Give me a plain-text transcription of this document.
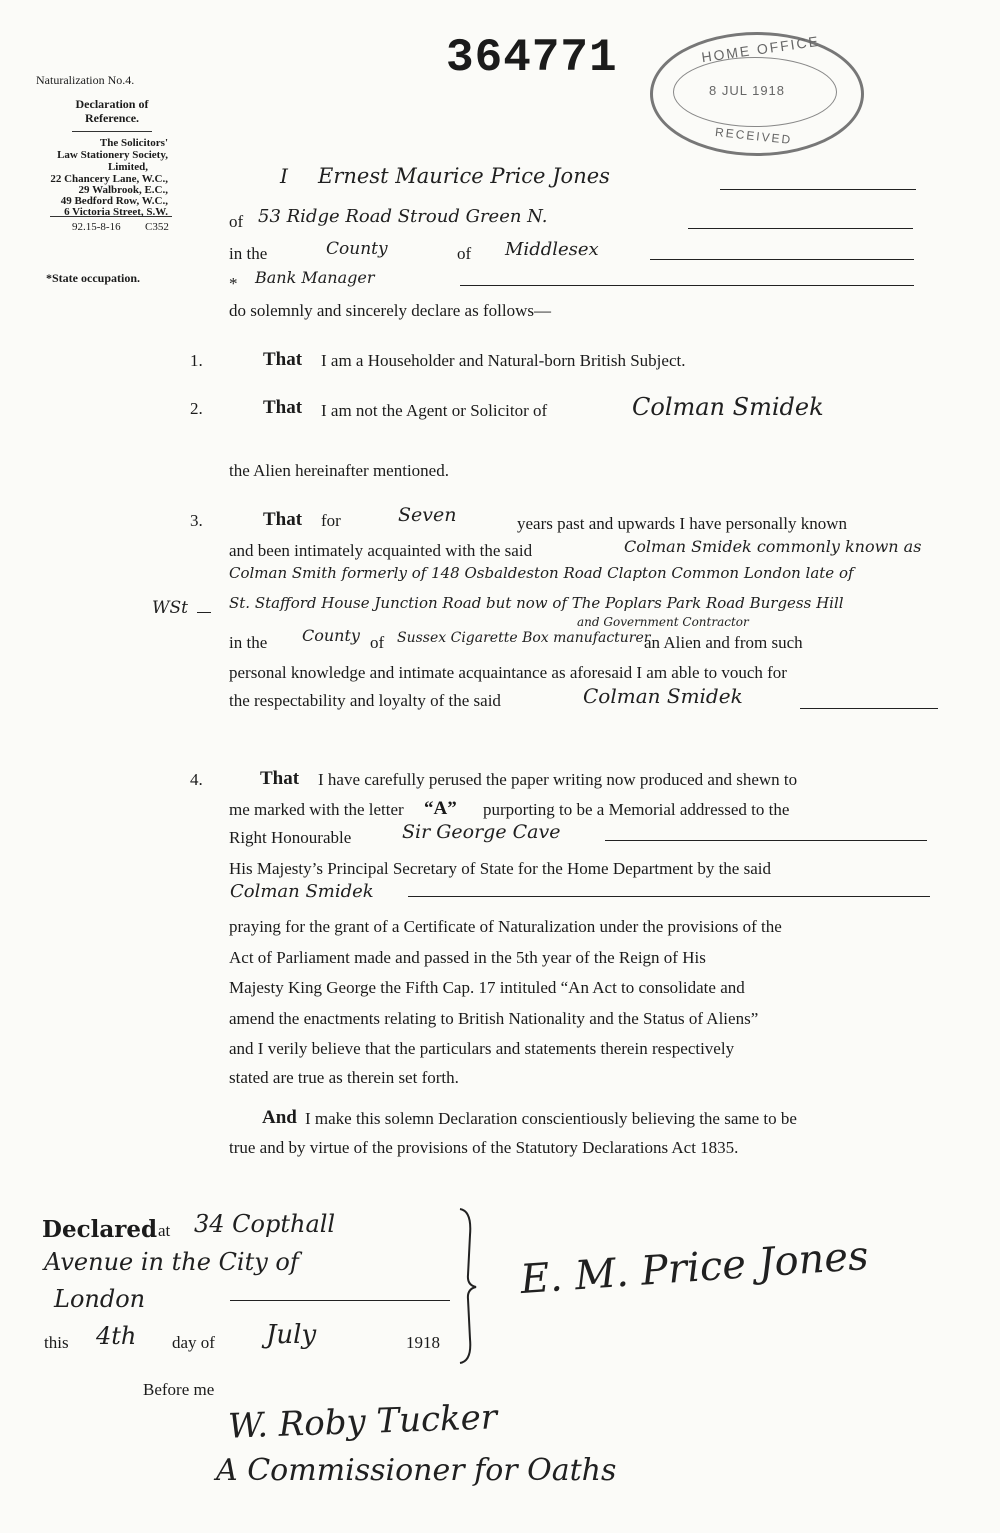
Naturalization No.4.
Declaration of
Reference.
The Solicitors'
Law Stationery Society,
Limited,
22 Chancery Lane, W.C.,
29 Walbrook, E.C.,
49 Bedford Row, W.C.,
6 Victoria Street, S.W.
92.15-8-16 C352
*State occupation.
364771	HOME OFFICE
8 JUL 1918
RECEIVED
I Ernest Maurice Price Jones
of 53 Ridge Road Stroud Green N.
in the	County	of Middlesex
* Bank Manager
do solemnly and sincerely declare as follows—
1.	That I am a Householder and Natural-born British Subject.
2.	That I am not the Agent or Solicitor of	Colman Smidek
the Alien hereinafter mentioned.
3.	That for	Seven	years past and upwards I have personally known
and been intimately acquainted with the said	Colman Smidek commonly known as
Colman Smith formerly of 148 Osbaldeston Road Clapton Common London late of
WSt	St. Stafford House Junction Road but now of The Poplars Park Road Burgess Hill
and Government Contractor
in the County of Sussex Cigarette Box manufacturer
an Alien and from such
personal knowledge and intimate acquaintance as aforesaid I am able to vouch for
the respectability and loyalty of the said	Colman Smidek
4.	That I have carefully perused the paper writing now produced and shewn to
me marked with the letter “A” purporting to be a Memorial addressed to the
Right Honourable	Sir George Cave
His Majesty’s Principal Secretary of State for the Home Department by the said
Colman Smidek
praying for the grant of a Certificate of Naturalization under the provisions of the
Act of Parliament made and passed in the 5th year of the Reign of His
Majesty King George the Fifth Cap. 17 intituled “An Act to consolidate and
amend the enactments relating to British Nationality and the Status of Aliens”
and I verily believe that the particulars and statements therein respectively
stated are true as therein set forth.
And I make this solemn Declaration conscientiously believing the same to be
true and by virtue of the provisions of the Statutory Declarations Act 1835.
Declared at 34 Copthall
Avenue in the City of
London
this 4th day of July	1918
Before me
E. M. Price Jones
W. Roby Tucker
A Commissioner for Oaths
